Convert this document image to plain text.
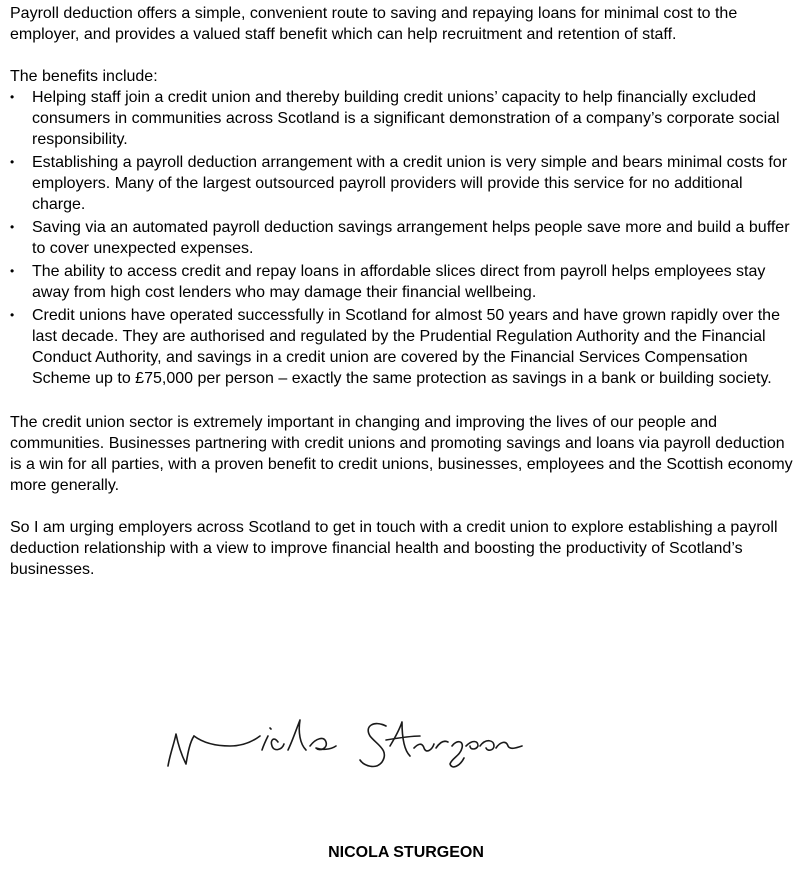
Payroll deduction offers a simple, convenient route to saving and repaying loans for minimal cost to the employer, and provides a valued staff benefit which can help recruitment and retention of staff.

The benefits include:

• Helping staff join a credit union and thereby building credit unions’ capacity to help financially excluded consumers in communities across Scotland is a significant demonstration of a company’s corporate social responsibility.
• Establishing a payroll deduction arrangement with a credit union is very simple and bears minimal costs for employers. Many of the largest outsourced payroll providers will provide this service for no additional charge.
• Saving via an automated payroll deduction savings arrangement helps people save more and build a buffer to cover unexpected expenses.
• The ability to access credit and repay loans in affordable slices direct from payroll helps employees stay away from high cost lenders who may damage their financial wellbeing.
• Credit unions have operated successfully in Scotland for almost 50 years and have grown rapidly over the last decade. They are authorised and regulated by the Prudential Regulation Authority and the Financial Conduct Authority, and savings in a credit union are covered by the Financial Services Compensation Scheme up to £75,000 per person – exactly the same protection as savings in a bank or building society.

The credit union sector is extremely important in changing and improving the lives of our people and communities. Businesses partnering with credit unions and promoting savings and loans via payroll deduction is a win for all parties, with a proven benefit to credit unions, businesses, employees and the Scottish economy more generally.

So I am urging employers across Scotland to get in touch with a credit union to explore establishing a payroll deduction relationship with a view to improve financial health and boosting the productivity of Scotland’s businesses.

NICOLA STURGEON
